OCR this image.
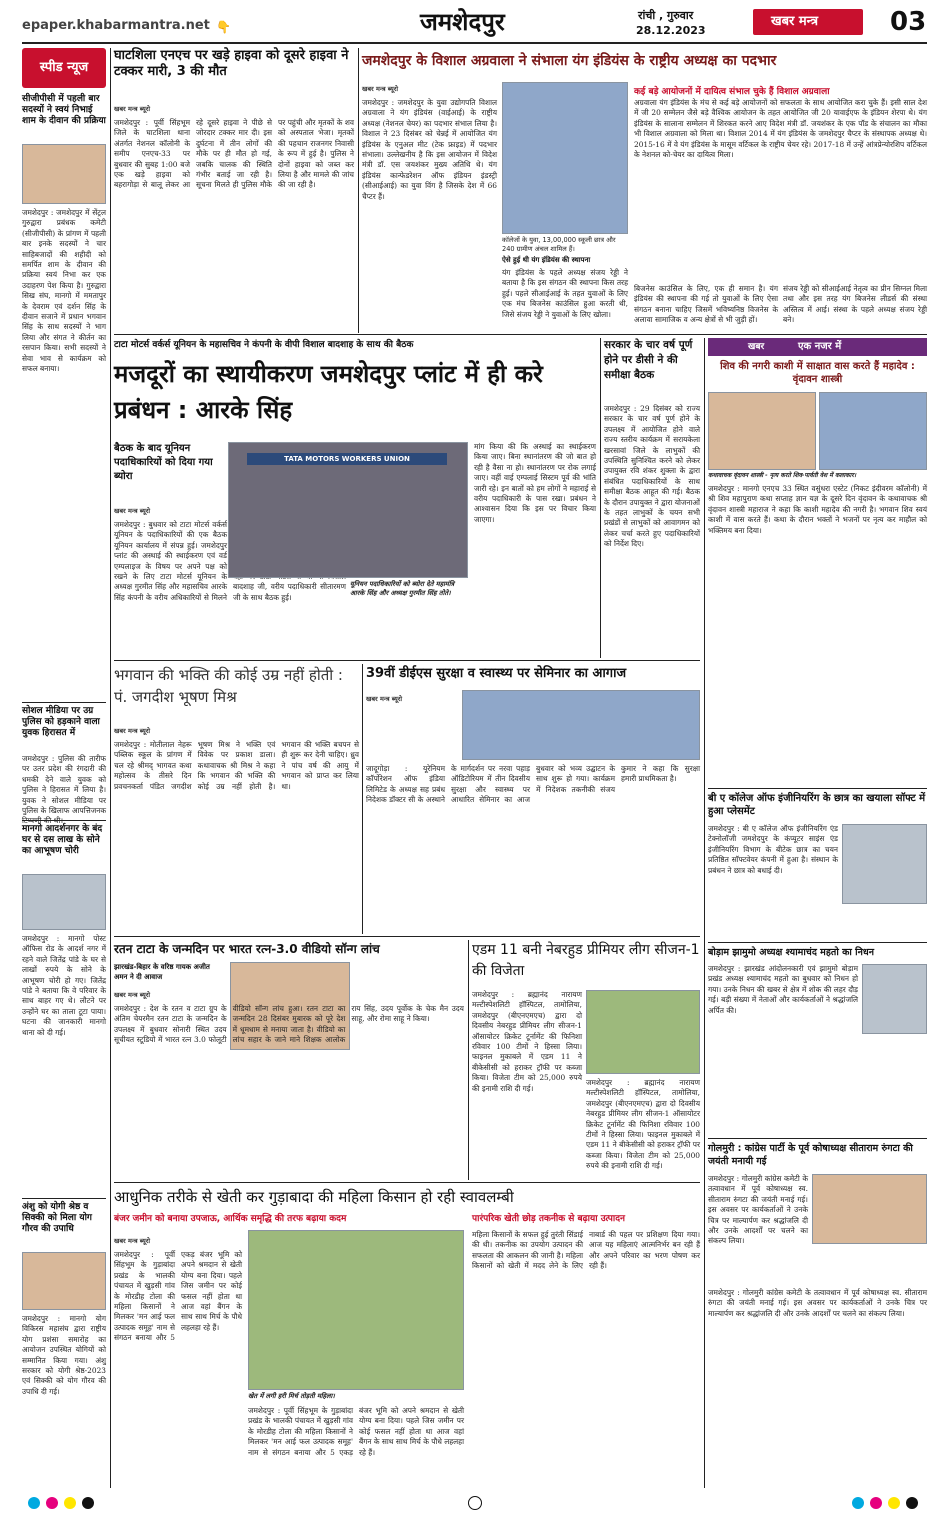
epaper.khabarmantra.net 👇	जमशेदपुर	रांची , गुरुवार
28.12.2023
खबर मन्त्र	03
स्पीड न्यूज
सीजीपीसी में पहली बार सदस्यों ने स्वयं निभाई शाम के दीवान की प्रक्रिया
जमशेदपुर : जमशेदपुर में सेंट्रल गुरुद्वारा प्रबंधक कमेटी (सीजीपीसी) के प्रांगण में पहली बार इनके सदस्यों ने चार साहिबजादों की शहीदी को समर्पित शाम के दीवान की प्रक्रिया स्वयं निभा कर एक उदाहरण पेश किया है। गुरुद्वारा सिख संघ, मानगो में ममतापुर के देवराम एवं दर्शन सिंह के दीवान सजाने में प्रधान भगवान सिंह के साथ सदस्यों ने भाग लिया और संगत ने कीर्तन का रसपान किया। सभी सदस्यों ने सेवा भाव से कार्यक्रम को सफल बनाया।
सोशल मीडिया पर उग्र पुलिस को हड़काने वाला युवक हिरासत में
जमशेदपुर : पुलिस की तारीफ पर उतर प्रदेश की रंगदारी की धमकी देने वाले युवक को पुलिस ने हिरासत में लिया है। युवक ने सोशल मीडिया पर पुलिस के खिलाफ आपत्तिजनक
मानगो आदर्शनगर के बंद घर से दस लाख के सोने का आभूषण चोरी
जमशेदपुर : मानगो पोस्ट ऑफिस रोड के आदर्श नगर में रहने वाले जितेंद्र पांडे के घर से लाखों रुपये के सोने के आभूषण चोरी हो गए। जितेंद्र पांडे ने बताया कि वे परिवार के साथ बाहर गए थे। लौटने पर उन्होंने घर का ताला टूटा पाया। घटना की जानकारी मानगो थाना को दी गई।
अंशु को योगी श्रेष्ठ व सिक्की को मिला योग गौरव की उपाधि
जमशेदपुर : मानगो योग विकिरस महासंघ द्वारा राष्ट्रीय योग प्रशंसा समारोह का आयोजन उपस्थित योगियों को सम्मानित किया गया। अंशु सरकार को योगी श्रेष्ठ-2023 एवं सिक्की को योग गौरव की उपाधि दी गई।
घाटशिला एनएच पर खड़े हाइवा को दूसरे हाइवा ने टक्कर मारी, 3 की मौत
खबर मन्त्र ब्यूरो
जमशेदपुर : पूर्वी सिंहभूम जिले के घाटशिला थाना अंतर्गत नेशनल कॉलोनी के समीप एनएच-33 पर बुधवार की सुबह 1:00 बजे एक खड़े हाइवा को बहरागोड़ा से बालू लेकर आ रहे दूसरे हाइवा ने पीछे से जोरदार टक्कर मार दी। इस दुर्घटना में तीन लोगों की मौके पर ही मौत हो गई, जबकि चालक की स्थिति गंभीर बताई जा रही है। सूचना मिलते ही पुलिस मौके पर पहुंची और मृतकों के शव को अस्पताल भेजा। मृतकों की पहचान राजनगर निवासी के रूप में हुई है। पुलिस ने दोनों हाइवा को जब्त कर लिया है और मामले की जांच की जा रही है।
जमशेदपुर के विशाल अग्रवाला ने संभाला यंग इंडियंस के राष्ट्रीय अध्यक्ष का पदभार
खबर मन्त्र ब्यूरो
जमशेदपुर : जमशेदपुर के युवा उद्योगपति विशाल अग्रवाला ने यंग इंडियंस (वाईआई) के राष्ट्रीय अध्यक्ष (नेशनल चेयर) का पदभार संभाल लिया है। विशाल ने 23 दिसंबर को चेन्नई में आयोजित यंग इंडियंस के एनुअल मीट (टेक फ्राइड) में पदभार संभाला। उल्लेखनीय है कि इस आयोजन में विदेश मंत्री डॉ. एस जयशंकर मुख्य अतिथि थे। यंग इंडियंस कान्फेडरेशन ऑफ इंडियन इंडस्ट्री (सीआईआई) का युवा विंग है जिसके देश में 66 चैप्टर हैं।
कॉलेजों के युवा, 13,00,000 स्कूली छात्र और 240 ग्रामीण अंचल शामिल हैं।
ऐसे हुई थी यंग इंडियंस की स्थापना
यंग इंडियंस के पहले अध्यक्ष संजय रेड्डी ने बताया है कि इस संगठन की स्थापना किस तरह हुई। पहले सीआईआई के तहत युवाओं के लिए एक मंच बिजनेस काउंसिल हुआ करती थी, जिसे संजय रेड्डी ने युवाओं के लिए खोला।
कई बड़े आयोजनों में दायित्व संभाल चुके हैं विशाल अग्रवाला
अग्रवाला यंग इंडियंस के मंच से कई बड़े आयोजनों को सफलता के साथ आयोजित करा चुके हैं। इसी साल देश में जी 20 सम्मेलन जैसे बड़े वैश्विक आयोजन के तहत आयोजित जी 20 यावाईएफ के इंडियन शेरपा थे। यंग इंडियंस के सालाना सम्मेलन में शिरकत करने आए विदेश मंत्री डॉ. जयशंकर के एक पॉड के संचालन का मौका भी विशाल अग्रवाला को मिला था। विशाल 2014 में यंग इंडियंस के जमशेदपुर चैप्टर के संस्थापक अध्यक्ष थे। 2015-16 में वे यंग इंडियंस के मासूम वर्टिकल के राष्ट्रीय चेयर रहे। 2017-18 में उन्हें आंत्रप्रेन्योरशिप वर्टिकल के नेशनल को-चेयर का दायित्व मिला।
बिजनेस काउंसिल के लिए, एक ही समान है। यंग इंडियंस की स्थापना की गई तो युवाओं के लिए ऐसा संगठन बनाना चाहिए जिसमें भविष्यनिष्ठ विजनेस के अलावा सामाजिक व अन्य क्षेत्रों से भी जुड़ी हों।
संजय रेड्डी को सीआईआई नेतृत्व का प्रीन सिग्नल मिला तथा और इस तरह यंग बिजनेस लीडर्स की संस्था अस्तित्व में आई। संस्था के पहले अध्यक्ष संजय रेड्डी बने।
टाटा मोटर्स वर्कर्स यूनियन के महासचिव ने कंपनी के वीपी विशाल बादशाह के साथ की बैठक
मजदूरों का स्थायीकरण जमशेदपुर प्लांट में ही करे प्रबंधन : आरके सिंह
बैठक के बाद यूनियन पदाधिकारियों को दिया गया ब्योरा
खबर मन्त्र ब्यूरो
जमशेदपुर : बुधवार को टाटा मोटर्स वर्कर्स यूनियन के पदाधिकारियों की एक बैठक यूनियन कार्यालय में संपन्न हुई। जमशेदपुर प्लांट की अस्थाई की स्थाईकरण एवं वर्ड एम्पलाइज के विषय पर अपने पक्ष को रखने के लिए टाटा मोटर्स यूनियन के अध्यक्ष गुरमीत सिंह और महासचिव आरके सिंह कंपनी के वरीय अधिकारियों से मिलने बादशाह जी, वरीय पदाधिकारी सीतारमण जी के साथ बैठक हुई।
TATA MOTORS WORKERS UNION
यूनियन पदाधिकारियों को ब्योरा देते महामंत्रि आरके सिंह और अध्यक्ष गुरमीत सिंह तोते।
मांग किया की कि अस्थाई का स्थाईकरण किया जाए। बिना स्थानांतरण की जो बात हो रही है वैसा ना हो। स्थानांतरण पर रोक लगाई जाए। वहीं वाई एम्पलाई सिस्टम पूर्व की भांति जारी रहे। इन बातों को हम लोगों ने महाराई से वरीय पदाधिकारी के पास रखा। प्रबंधन ने आश्वासन दिया कि इस पर विचार किया जाएगा।
सरकार के चार वर्ष पूर्ण होने पर डीसी ने की समीक्षा बैठक
जमशेदपुर : 29 दिसंबर को राज्य सरकार के चार वर्ष पूर्ण होने के उपलक्ष्य में आयोजित होने वाले राज्य स्तरीय कार्यक्रम में सरायकेला खरसावां जिले के लाभुकों की उपस्थिति सुनिश्चित करने को लेकर उपायुक्त रवि शंकर शुक्ला के द्वारा संबंधित पदाधिकारियों के साथ समीक्षा बैठक आहूत की गई। बैठक के दौरान उपायुक्त ने द्वारा योजनाओं के तहत लाभुकों के चयन सभी प्रखंडों से लाभुकों को आवागमन को लेकर चर्चा करते हुए पदाधिकारियों को निर्देश दिए।
खबर	एक नजर में
शिव की नगरी काशी में साक्षात वास करते हैं महादेव : वृंदावन शास्त्री
कथावाचक वृंदावन शास्त्री - नृत्य करते शिव-पार्वती वेश में कलाकार।
जमशेदपुर : मानगो एनएच 33 स्थित वसुंधरा एस्टेट (निकट इंदीवरम कॉलोनी) में श्री शिव महापुराण कथा सप्ताह ज्ञान यज्ञ के दूसरे दिन वृंदावन के कथावाचक श्री वृंदावन शास्त्री महाराज ने कहा कि काशी महादेव की नगरी है। भगवान शिव स्वयं काशी में वास करते हैं। कथा के दौरान भक्तों ने भजनों पर नृत्य कर माहौल को भक्तिमय बना दिया।
बी ए कॉलेज ऑफ इंजीनियरिंग के छात्र का खयाला सॉफ्ट में हुआ प्लेसमेंट
जमशेदपुर : बी ए कॉलेज ऑफ इंजीनियरिंग एंड टेक्नोलॉजी जमशेदपुर के कंप्यूटर साइंस एंड इंजीनियरिंग विभाग के बीटेक छात्र का चयन प्रतिष्ठित सॉफ्टवेयर कंपनी में हुआ है। संस्थान के प्रबंधन ने छात्र को बधाई दी।
बोड़ाम झामुमो अध्यक्ष श्यामाचंद महतो का निधन
जमशेदपुर : झारखंड आंदोलनकारी एवं झामुमो बोड़ाम प्रखंड अध्यक्ष श्यामाचंद महतो का बुधवार को निधन हो गया। उनके निधन की खबर से क्षेत्र में शोक की लहर दौड़ गई। बड़ी संख्या में नेताओं और कार्यकर्ताओं ने श्रद्धांजलि अर्पित की।
गोलमुरी : कांग्रेस पार्टी के पूर्व कोषाध्यक्ष सीताराम रुंगटा की जयंती मनायी गई
जमशेदपुर : गोलमुरी कांग्रेस कमेटी के तत्वावधान में पूर्व कोषाध्यक्ष स्व. सीताराम रुंगटा की जयंती मनाई गई। इस अवसर पर कार्यकर्ताओं ने उनके चित्र पर माल्यार्पण कर श्रद्धांजलि दी और उनके आदर्शों पर चलने का संकल्प लिया।
जमशेदपुर : गोलमुरी कांग्रेस कमेटी के तत्वावधान में पूर्व कोषाध्यक्ष स्व. सीताराम रुंगटा की जयंती मनाई गई। इस अवसर पर कार्यकर्ताओं ने उनके चित्र पर माल्यार्पण कर श्रद्धांजलि दी और उनके आदर्शों पर चलने का संकल्प लिया।
भगवान की भक्ति की कोई उम्र नहीं होती : पं. जगदीश भूषण मिश्र
खबर मन्त्र ब्यूरो
जमशेदपुर : मोतीलाल नेहरू पब्लिक स्कूल के प्रांगण में चल रहे श्रीमद् भागवत कथा महोत्सव के तीसरे दिन प्रवचनकर्ता पंडित जगदीश भूषण मिश्र ने भक्ति एवं विवेक पर प्रकाश डाला। कथावाचक श्री मिश्र ने कहा कि भगवान की भक्ति की कोई उम्र नहीं होती है। भगवान की भक्ति बचपन से ही शुरू कर देनी चाहिए। ध्रुव ने पांच वर्ष की आयु में भगवान को प्राप्त कर लिया था।
39वीं डीईएस सुरक्षा व स्वास्थ्य पर सेमिनार का आगाज
खबर मन्त्र ब्यूरो
जादूगोड़ा : यूरेनियम कॉर्पोरेशन ऑफ इंडिया लिमिटेड के अध्यक्ष सह प्रबंध निदेशक डॉक्टर सी के अस्थाने के मार्गदर्शन पर नरवा पहाड़ ऑडिटोरियम में तीन दिवसीय सुरक्षा और स्वास्थ्य पर आधारित सेमिनार का आज बुधवार को भव्य उद्घाटन के साथ शुरू हो गया। कार्यक्रम में निदेशक तकनीकी संजय कुमार ने कहा कि सुरक्षा हमारी प्राथमिकता है।
रतन टाटा के जन्मदिन पर भारत रत्न-3.0 वीडियो सॉन्ग लांच
झारखंड-बिहार के वरिष्ठ गायक अजीत अमन ने दी आवाज
खबर मन्त्र ब्यूरो
जमशेदपुर : देश के रतन व टाटा ग्रुप के अंतिम चेयरमैन रतन टाटा के जन्मदिन के उपलक्ष्य में बुधवार सोनारी स्थित उदय सूचीयत स्टूडियो में भारत रत्न 3.0 फोलूटी वीडियो सॉन्ग लांच हुआ। रतन टाटा का जन्मदिन 28 दिसंबर मुबारक को पूरे देश में धूमधाम से मनाया जाता है। वीडियो का लांच सहार के जाने माने शिक्षक आलोक राय सिंह, उदय पूर्वोक के चेक मैन उदय साहू, और रोमा साहू ने किया।
एडम 11 बनी नेबरहुड प्रीमियर लीग सीजन-1 की विजेता
जमशेदपुर : ब्रह्मानंद नारायण मल्टीस्पेशलिटी हॉस्पिटल, तामोलिया, जमशेदपुर (बीएनएमएच) द्वारा दो दिवसीय नेबरहुड प्रीमियर लीग सीजन-1 ऑसायोटर क्रिकेट टूर्नामेंट की फिनिशा रविवार 100 टीमों ने हिस्सा लिया। फाइनल मुकाबले में एडम 11 ने बीकेसीसी को हराकर ट्रॉफी पर कब्जा किया। विजेता टीम को 25,000 रुपये की इनामी राशि दी गई।
जमशेदपुर : ब्रह्मानंद नारायण मल्टीस्पेशलिटी हॉस्पिटल, तामोलिया, जमशेदपुर (बीएनएमएच) द्वारा दो दिवसीय नेबरहुड प्रीमियर लीग सीजन-1 ऑसायोटर क्रिकेट टूर्नामेंट की फिनिशा रविवार 100 टीमों ने हिस्सा लिया। फाइनल मुकाबले में एडम 11 ने बीकेसीसी को हराकर ट्रॉफी पर कब्जा किया। विजेता टीम को 25,000 रुपये की इनामी राशि दी गई।
आधुनिक तरीके से खेती कर गुड़ाबादा की महिला किसान हो रही स्वावलम्बी
बंजर जमीन को बनाया उपजाऊ, आर्थिक समृद्धि की तरफ बढ़ाया कदम	पारंपरिक खेती छोड़ तकनीक से बढ़ाया उत्पादन
खबर मन्त्र ब्यूरो
जमशेदपुर : पूर्वी सिंहभूम के गुड़ाबांदा प्रखंड के भालकी पंचायत में खुड़सी गांव के मोरडीह टोला की महिला किसानों ने मिलकर 'मन आई फल उत्पादक समूह' नाम से संगठन बनाया और 5 एकड़ बंजर भूमि को अपने श्रमदान से खेती योग्य बना दिया। पहले जिस जमीन पर कोई फसल नहीं होता था आज वहां बैंगन के साथ साथ मिर्च के पौधे लहलहा रहे हैं।
खेत में लगी हरी मिर्च तोड़ती महिला।
जमशेदपुर : पूर्वी सिंहभूम के गुड़ाबांदा प्रखंड के भालकी पंचायत में खुड़सी गांव के मोरडीह टोला की महिला किसानों ने मिलकर 'मन आई फल उत्पादक समूह' नाम से संगठन बनाया और 5 एकड़ बंजर भूमि को अपने श्रमदान से खेती योग्य बना दिया। पहले जिस जमीन पर कोई फसल नहीं होता था आज वहां बैंगन के साथ साथ मिर्च के पौधे लहलहा रहे हैं।
महिला किसानों के सफल हुई तुरंती सिंडाई की थी। तकनीक का उपयोग उत्पादन की सफलता की आकलन की जानी है। महिला किसानों को खेती में मदद लेने के लिए नाबार्ड की पहल पर प्रशिक्षण दिया गया। आज यह महिलाएं आत्मनिर्भर बन रही हैं और अपने परिवार का भरण पोषण कर रही हैं।
